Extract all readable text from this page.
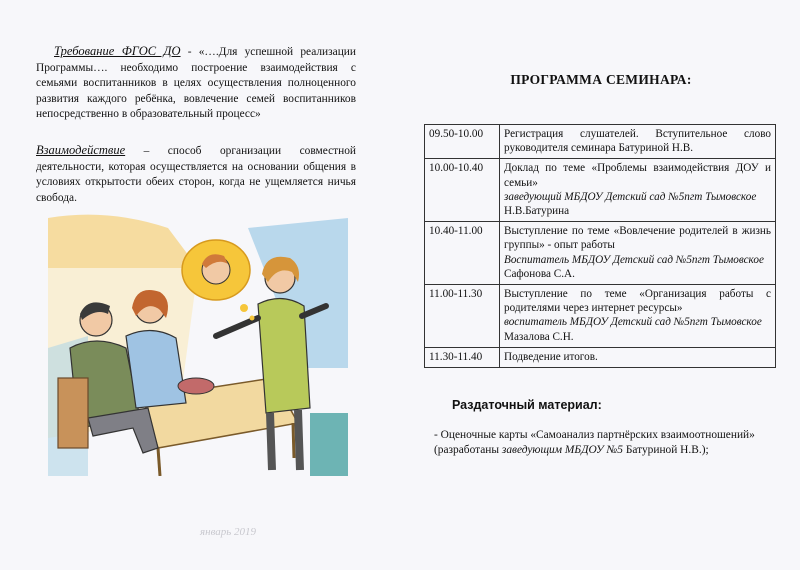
Требование ФГОС ДО - «….Для успешной реализации Программы…. необходимо построение взаимодействия с семьями воспитанников в целях осуществления полноценного развития каждого ребёнка, вовлечение семей воспитанников непосредственно в образовательный процесс»
Взаимодействие – способ организации совместной деятельности, которая осуществляется на основании общения в условиях открытости обеих сторон, когда не ущемляется ничья свобода.
январь 2019
ПРОГРАММА СЕМИНАРА:
09.50-10.00	Регистрация слушателей. Вступительное слово руководителя семинара Батуриной Н.В.
10.00-10.40	Доклад по теме «Проблемы взаимодействия ДОУ и семьи»
заведующий МБДОУ Детский сад №5пгт Тымовское
Н.В.Батурина

10.40-11.00	Выступление по теме «Вовлечение родителей в жизнь группы» - опыт работы
Воспитатель МБДОУ Детский сад №5пгт Тымовское
Сафонова С.А.

11.00-11.30	Выступление по теме «Организация работы с родителями через интернет ресурсы»
воспитатель МБДОУ Детский сад №5пгт Тымовское
Мазалова С.Н.

11.30-11.40	Подведение итогов.
Раздаточный материал:
- Оценочные карты «Самоанализ партнёрских взаимоотношений» (разработаны заведующим МБДОУ №5 Батуриной Н.В.);
